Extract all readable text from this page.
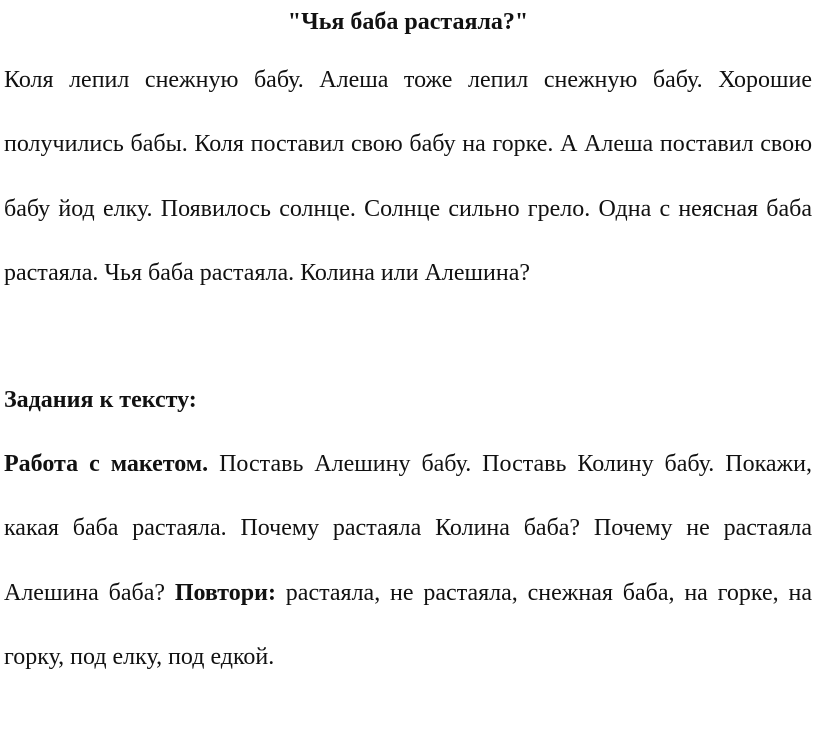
"Чья баба растаяла?"

Коля лепил снежную бабу. Алеша тоже лепил снежную бабу. Хорошие получились бабы. Коля поставил свою бабу на горке. А Алеша поставил свою бабу йод елку. Появилось солнце. Солнце сильно грело. Одна с неясная баба растаяла. Чья баба растаяла. Колина или Алешина?

Задания к тексту:

Работа с макетом. Поставь Алешину бабу. Поставь Колину бабу. Покажи, какая баба растаяла. Почему растаяла Колина баба? Почему не растаяла Алешина баба? Повтори: растаяла, не растаяла, снежная баба, на горке, на горку, под елку, под едкой.
